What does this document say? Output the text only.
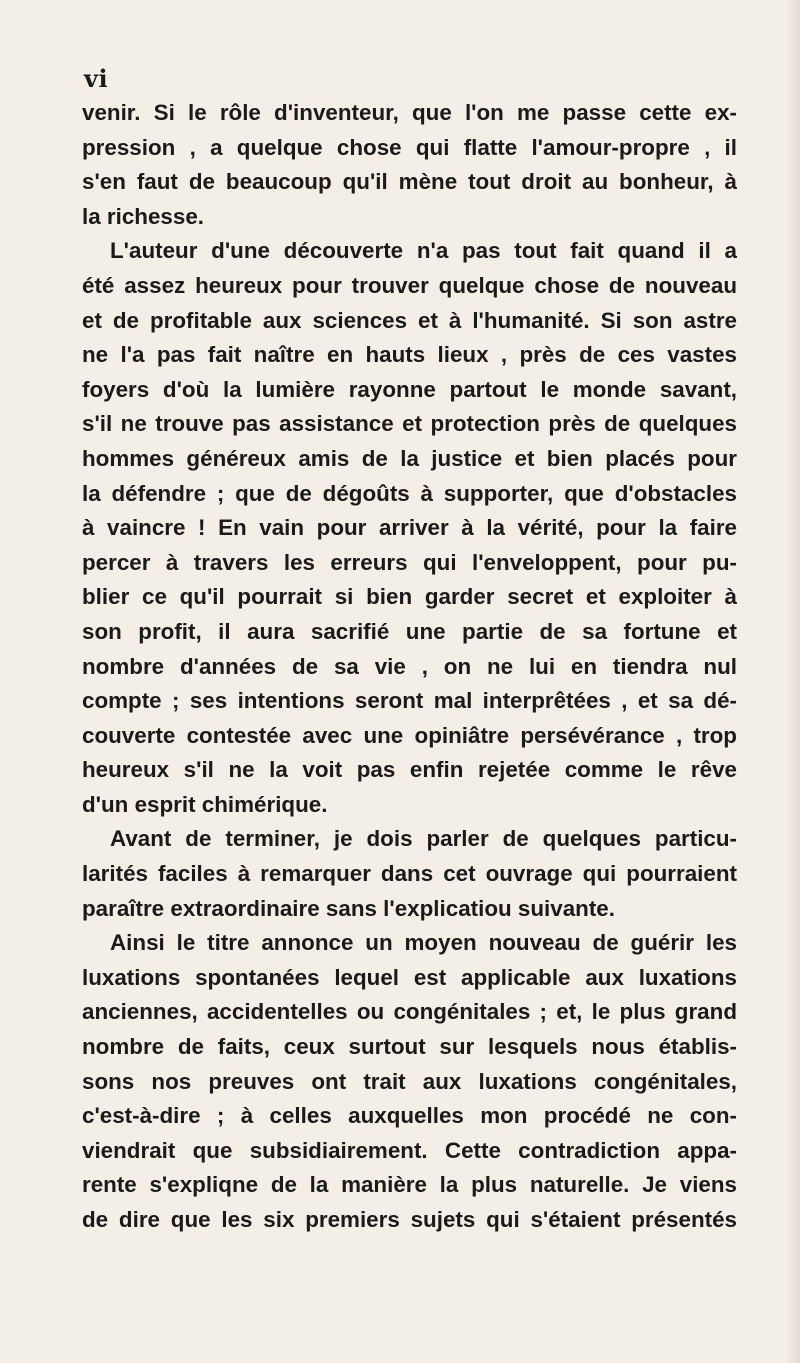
vi
venir. Si le rôle d'inventeur, que l'on me passe cette ex-
pression , a quelque chose qui flatte l'amour-propre , il
s'en faut de beaucoup qu'il mène tout droit au bonheur, à
la richesse.
L'auteur d'une découverte n'a pas tout fait quand il a
été assez heureux pour trouver quelque chose de nouveau
et de profitable aux sciences et à l'humanité. Si son astre
ne l'a pas fait naître en hauts lieux , près de ces vastes
foyers d'où la lumière rayonne partout le monde savant,
s'il ne trouve pas assistance et protection près de quelques
hommes généreux amis de la justice et bien placés pour
la défendre ; que de dégoûts à supporter, que d'obstacles
à vaincre ! En vain pour arriver à la vérité, pour la faire
percer à travers les erreurs qui l'enveloppent, pour pu-
blier ce qu'il pourrait si bien garder secret et exploiter à
son profit, il aura sacrifié une partie de sa fortune et
nombre d'années de sa vie , on ne lui en tiendra nul
compte ; ses intentions seront mal interprêtées , et sa dé-
couverte contestée avec une opiniâtre persévérance , trop
heureux s'il ne la voit pas enfin rejetée comme le rêve
d'un esprit chimérique.
Avant de terminer, je dois parler de quelques particu-
larités faciles à remarquer dans cet ouvrage qui pourraient
paraître extraordinaire sans l'explicatiou suivante.
Ainsi le titre annonce un moyen nouveau de guérir les
luxations spontanées lequel est applicable aux luxations
anciennes, accidentelles ou congénitales ; et, le plus grand
nombre de faits, ceux surtout sur lesquels nous établis-
sons nos preuves ont trait aux luxations congénitales,
c'est-à-dire ; à celles auxquelles mon procédé ne con-
viendrait que subsidiairement. Cette contradiction appa-
rente s'expliqne de la manière la plus naturelle. Je viens
de dire que les six premiers sujets qui s'étaient présentés
